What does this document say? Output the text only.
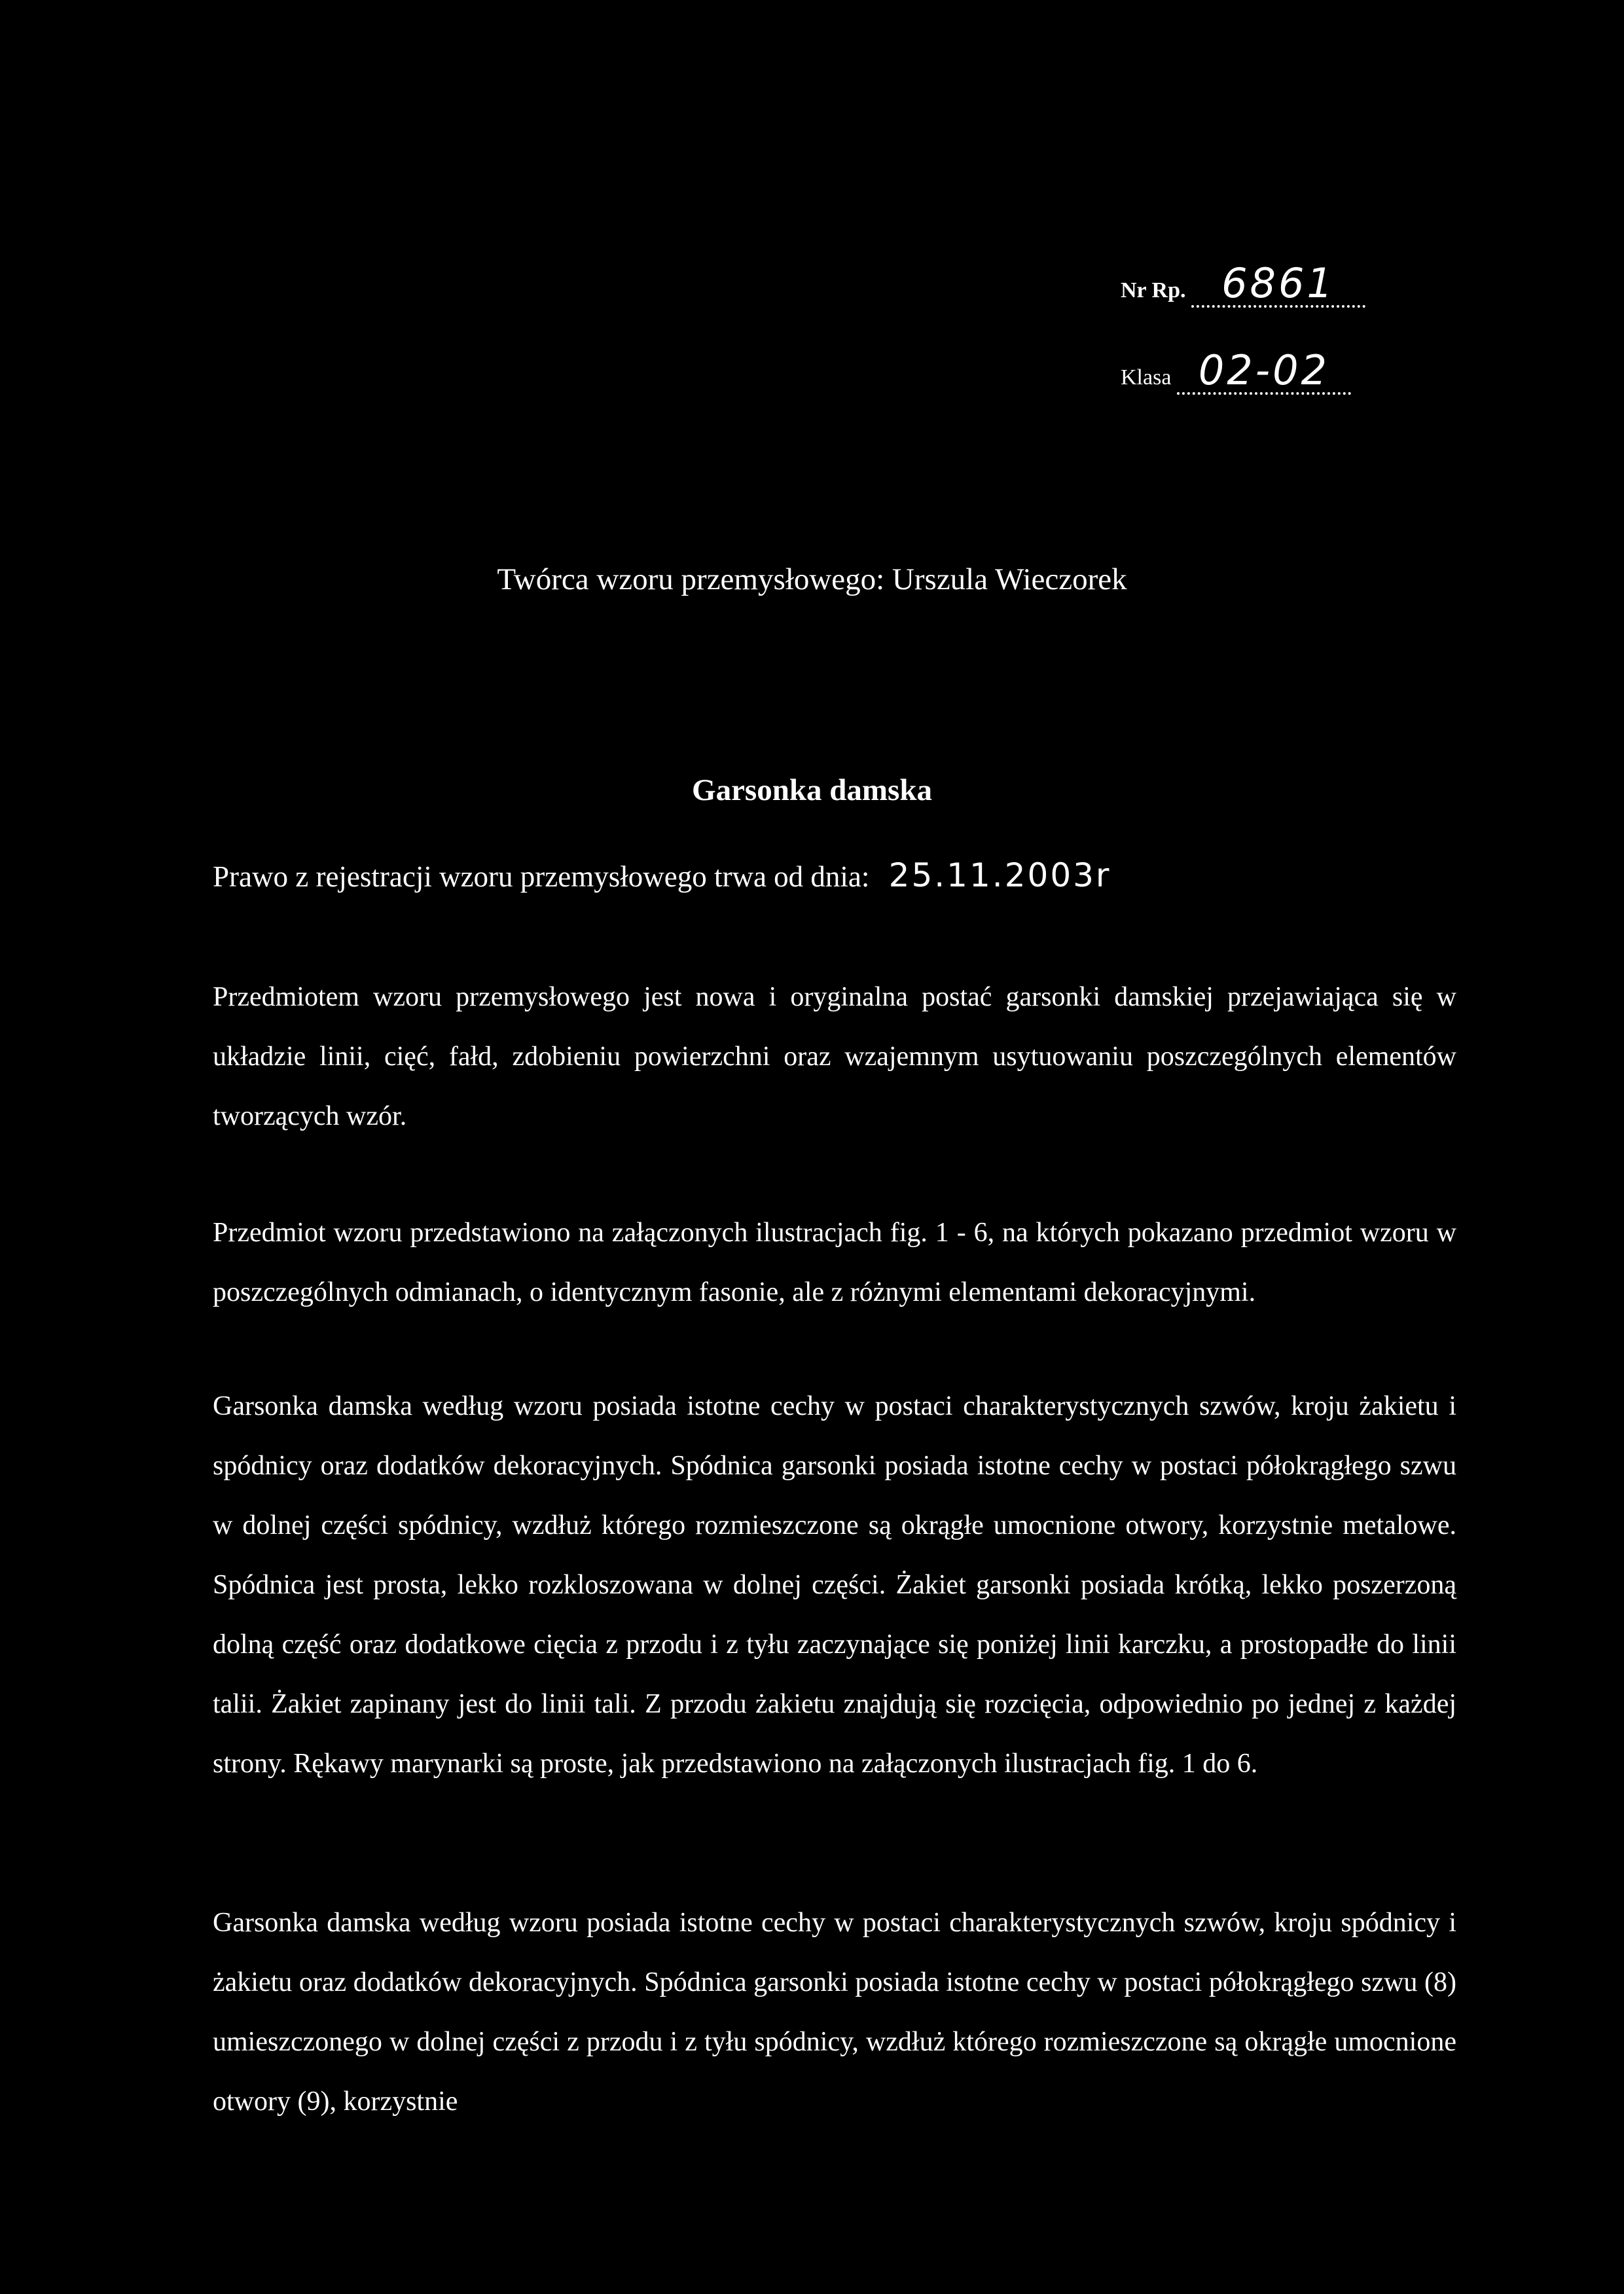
Nr Rp. 6861
Klasa 02-02
Twórca wzoru przemysłowego: Urszula Wieczorek
Garsonka damska
Prawo z rejestracji wzoru przemysłowego trwa od dnia: 25.11.2003r

Przedmiotem wzoru przemysłowego jest nowa i oryginalna postać garsonki damskiej przejawiająca się w układzie linii, cięć, fałd, zdobieniu powierzchni oraz wzajemnym usytuowaniu poszczególnych elementów tworzących wzór.

Przedmiot wzoru przedstawiono na załączonych ilustracjach fig. 1 - 6, na których pokazano przedmiot wzoru w poszczególnych odmianach, o identycznym fasonie, ale z różnymi elementami dekoracyjnymi.

Garsonka damska według wzoru posiada istotne cechy w postaci charakterystycznych szwów, kroju żakietu i spódnicy oraz dodatków dekoracyjnych. Spódnica garsonki posiada istotne cechy w postaci półokrągłego szwu w dolnej części spódnicy, wzdłuż którego rozmieszczone są okrągłe umocnione otwory, korzystnie metalowe. Spódnica jest prosta, lekko rozkloszowana w dolnej części. Żakiet garsonki posiada krótką, lekko poszerzoną dolną część oraz dodatkowe cięcia z przodu i z tyłu zaczynające się poniżej linii karczku, a prostopadłe do linii talii. Żakiet zapinany jest do linii tali. Z przodu żakietu znajdują się rozcięcia, odpowiednio po jednej z każdej strony. Rękawy marynarki są proste, jak przedstawiono na załączonych ilustracjach fig. 1 do 6.

Garsonka damska według wzoru posiada istotne cechy w postaci charakterystycznych szwów, kroju spódnicy i żakietu oraz dodatków dekoracyjnych. Spódnica garsonki posiada istotne cechy w postaci półokrągłego szwu (8) umieszczonego w dolnej części z przodu i z tyłu spódnicy, wzdłuż którego rozmieszczone są okrągłe umocnione otwory (9), korzystnie
